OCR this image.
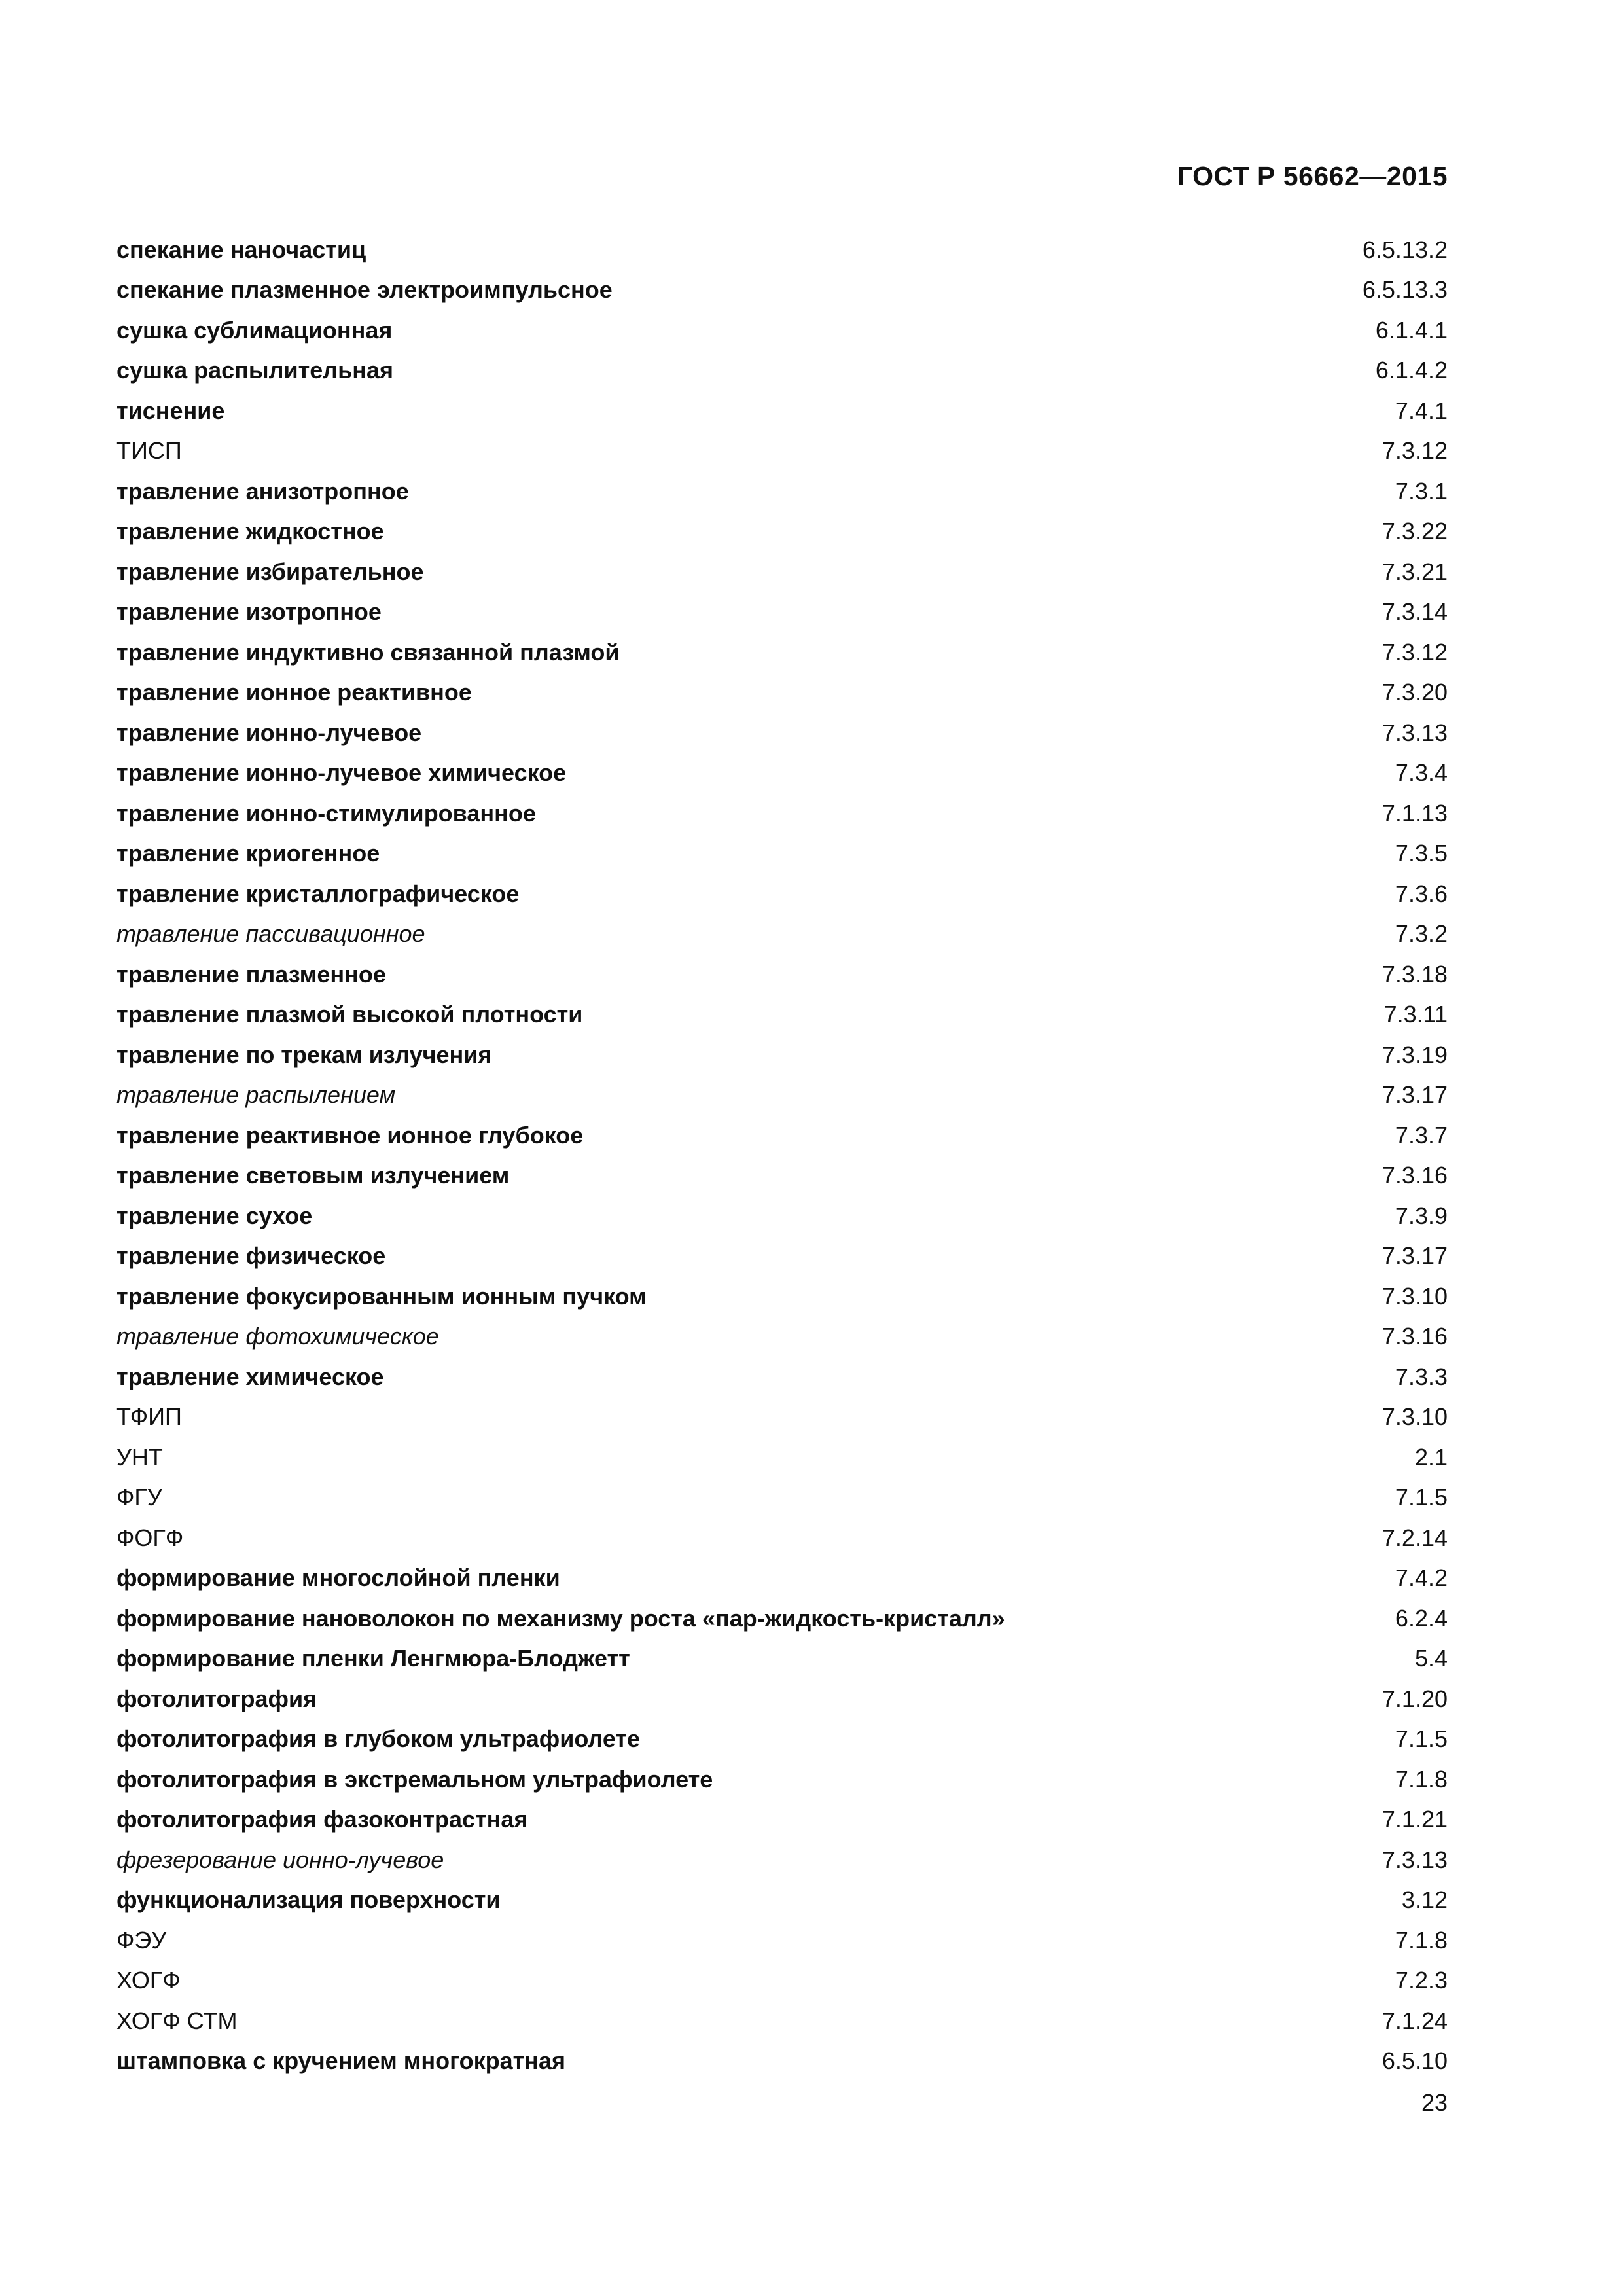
ГОСТ Р 56662—2015
спекание наночастиц	6.5.13.2
спекание плазменное электроимпульсное	6.5.13.3
сушка сублимационная	6.1.4.1
сушка распылительная	6.1.4.2
тиснение	7.4.1
ТИСП	7.3.12
травление анизотропное	7.3.1
травление жидкостное	7.3.22
травление избирательное	7.3.21
травление изотропное	7.3.14
травление индуктивно связанной плазмой	7.3.12
травление ионное реактивное	7.3.20
травление ионно-лучевое	7.3.13
травление ионно-лучевое химическое	7.3.4
травление ионно-стимулированное	7.1.13
травление криогенное	7.3.5
травление кристаллографическое	7.3.6
травление пассивационное	7.3.2
травление плазменное	7.3.18
травление плазмой высокой плотности	7.3.11
травление по трекам излучения	7.3.19
травление распылением	7.3.17
травление реактивное ионное глубокое	7.3.7
травление световым излучением	7.3.16
травление сухое	7.3.9
травление физическое	7.3.17
травление фокусированным ионным пучком	7.3.10
травление фотохимическое	7.3.16
травление химическое	7.3.3
ТФИП	7.3.10
УНТ	2.1
ФГУ	7.1.5
ФОГФ	7.2.14
формирование многослойной пленки	7.4.2
формирование нановолокон по механизму роста «пар-жидкость-кристалл»	6.2.4
формирование пленки Ленгмюра-Блоджетт	5.4
фотолитография	7.1.20
фотолитография в глубоком ультрафиолете	7.1.5
фотолитография в экстремальном ультрафиолете	7.1.8
фотолитография фазоконтрастная	7.1.21
фрезерование ионно-лучевое	7.3.13
функционализация поверхности	3.12
ФЭУ	7.1.8
ХОГФ	7.2.3
ХОГФ СТМ	7.1.24
штамповка с кручением многократная	6.5.10
23
